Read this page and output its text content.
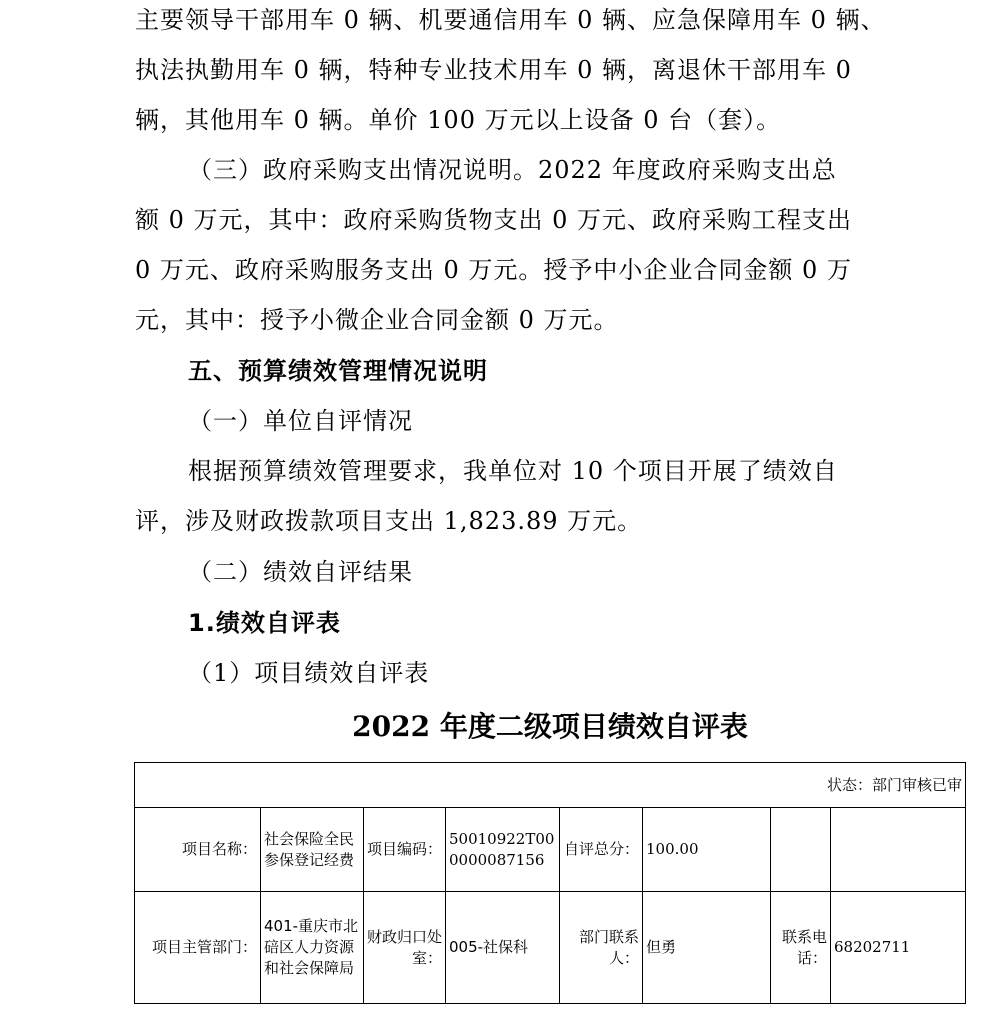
主要领导干部用车 0 辆、机要通信用车 0 辆、应急保障用车 0 辆、
执法执勤用车 0 辆，特种专业技术用车 0 辆，离退休干部用车 0
辆，其他用车 0 辆。单价 100 万元以上设备 0 台（套）。
（三）政府采购支出情况说明。2022 年度政府采购支出总
额 0 万元，其中：政府采购货物支出 0 万元、政府采购工程支出
0 万元、政府采购服务支出 0 万元。授予中小企业合同金额 0 万
元，其中：授予小微企业合同金额 0 万元。
五、预算绩效管理情况说明
（一）单位自评情况
根据预算绩效管理要求，我单位对 10 个项目开展了绩效自
评，涉及财政拨款项目支出 1,823.89 万元。
（二）绩效自评结果
1.绩效自评表
（1）项目绩效自评表
2022 年度二级项目绩效自评表
状态：部门审核已审							
项目名称：	社会保险全民参保登记经费	项目编码：	50010922T000000087156	自评总分：	100.00		
项目主管部门：	401-重庆市北碚区人力资源和社会保障局	财政归口处室：	005-社保科	部门联系人：	但勇	联系电话：	68202711
